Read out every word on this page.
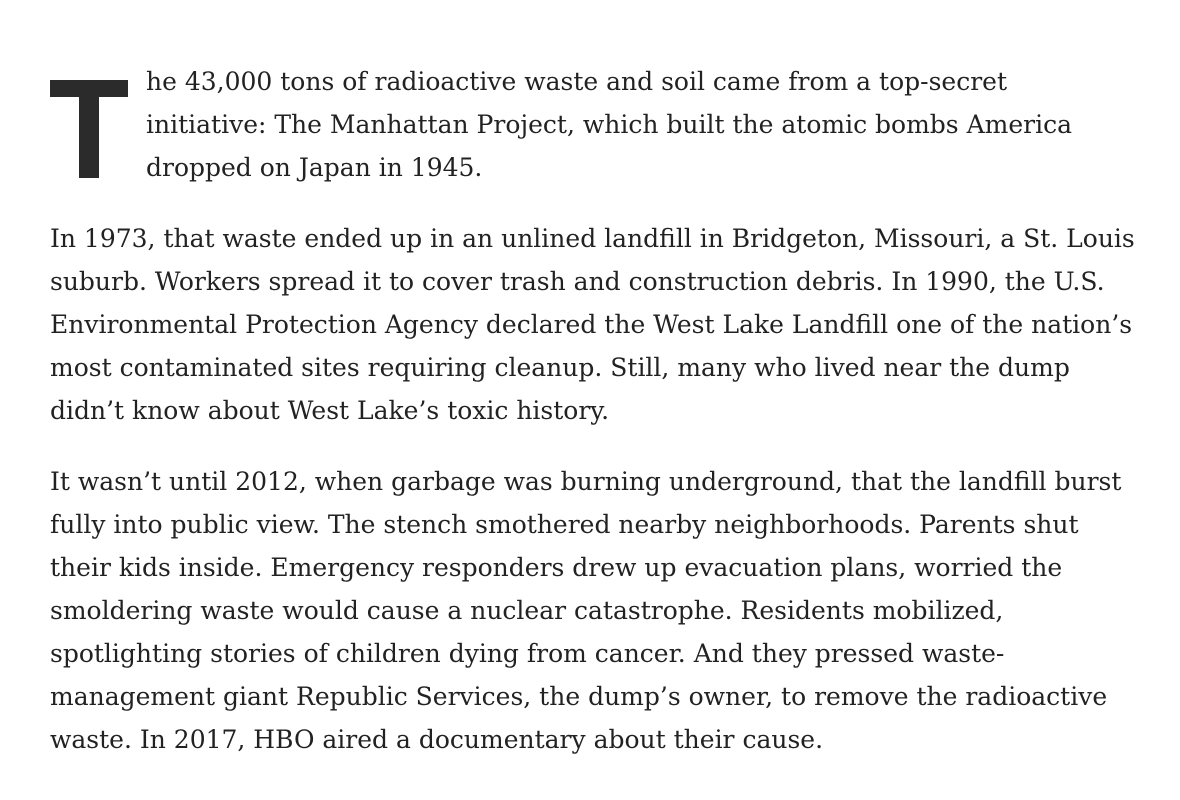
he 43,000 tons of radioactive waste and soil came from a top-secret initiative: The Manhattan Project, which built the atomic bombs America dropped on Japan in 1945.

In 1973, that waste ended up in an unlined landfill in Bridgeton, Missouri, a St. Louis suburb. Workers spread it to cover trash and construction debris. In 1990, the U.S. Environmental Protection Agency declared the West Lake Landfill one of the nation’s most contaminated sites requiring cleanup. Still, many who lived near the dump didn’t know about West Lake’s toxic history.

It wasn’t until 2012, when garbage was burning underground, that the landfill burst fully into public view. The stench smothered nearby neighborhoods. Parents shut their kids inside. Emergency responders drew up evacuation plans, worried the smoldering waste would cause a nuclear catastrophe. Residents mobilized, spotlighting stories of children dying from cancer. And they pressed waste-management giant Republic Services, the dump’s owner, to remove the radioactive waste. In 2017, HBO aired a documentary about their cause.
